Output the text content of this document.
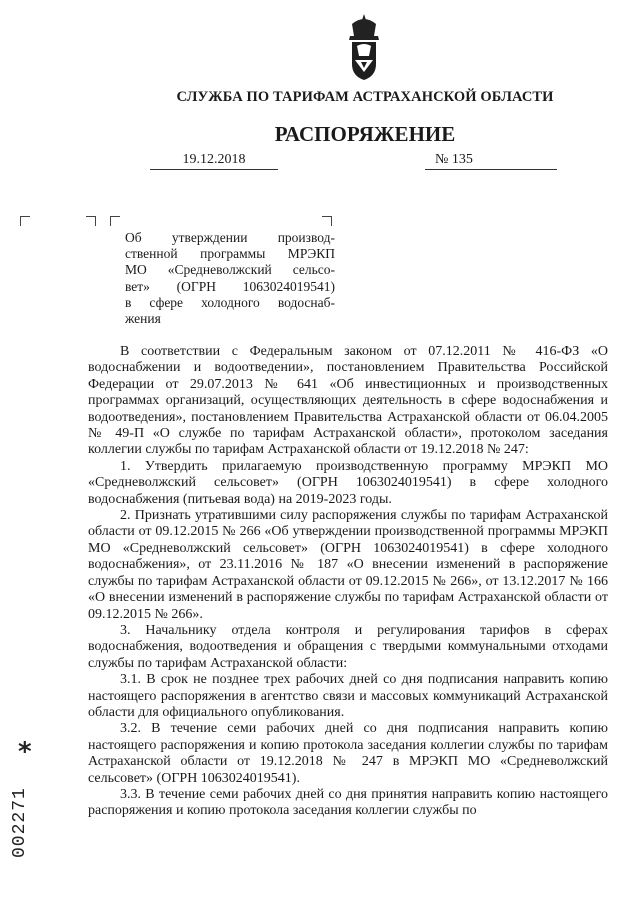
СЛУЖБА ПО ТАРИФАМ АСТРАХАНСКОЙ ОБЛАСТИ
РАСПОРЯЖЕНИЕ
19.12.2018	№ 135
Об утверждении производ-
ственной программы МРЭКП
МО «Средневолжский сельсо-
вет» (ОГРН 1063024019541)
в сфере холодного водоснаб-
жения

В соответствии с Федеральным законом от 07.12.2011 № 416-ФЗ «О водоснабжении и водоотведении», постановлением Правительства Российской Федерации от 29.07.2013 № 641 «Об инвестиционных и производственных программах организаций, осуществляющих деятельность в сфере водоснабжения и водоотведения», постановлением Правительства Астраханской области от 06.04.2005 № 49-П «О службе по тарифам Астраханской области», протоколом заседания коллегии службы по тарифам Астраханской области от 19.12.2018 № 247:

1. Утвердить прилагаемую производственную программу МРЭКП МО «Средневолжский сельсовет» (ОГРН 1063024019541) в сфере холодного водоснабжения (питьевая вода) на 2019-2023 годы.

2. Признать утратившими силу распоряжения службы по тарифам Астраханской области от 09.12.2015 № 266 «Об утверждении производственной программы МРЭКП МО «Средневолжский сельсовет» (ОГРН 1063024019541) в сфере холодного водоснабжения», от 23.11.2016 № 187 «О внесении изменений в распоряжение службы по тарифам Астраханской области от 09.12.2015 № 266», от 13.12.2017 № 166 «О внесении изменений в распоряжение службы по тарифам Астраханской области от 09.12.2015 № 266».

3. Начальнику отдела контроля и регулирования тарифов в сферах водоснабжения, водоотведения и обращения с твердыми коммунальными отходами службы по тарифам Астраханской области:

3.1. В срок не позднее трех рабочих дней со дня подписания направить копию настоящего распоряжения в агентство связи и массовых коммуникаций Астраханской области для официального опубликования.

3.2. В течение семи рабочих дней со дня подписания направить копию настоящего распоряжения и копию протокола заседания коллегии службы по тарифам Астраханской области от 19.12.2018 № 247 в МРЭКП МО «Средневолжский сельсовет» (ОГРН 1063024019541).

3.3. В течение семи рабочих дней со дня принятия направить копию настоящего распоряжения и копию протокола заседания коллегии службы по

*
002271
